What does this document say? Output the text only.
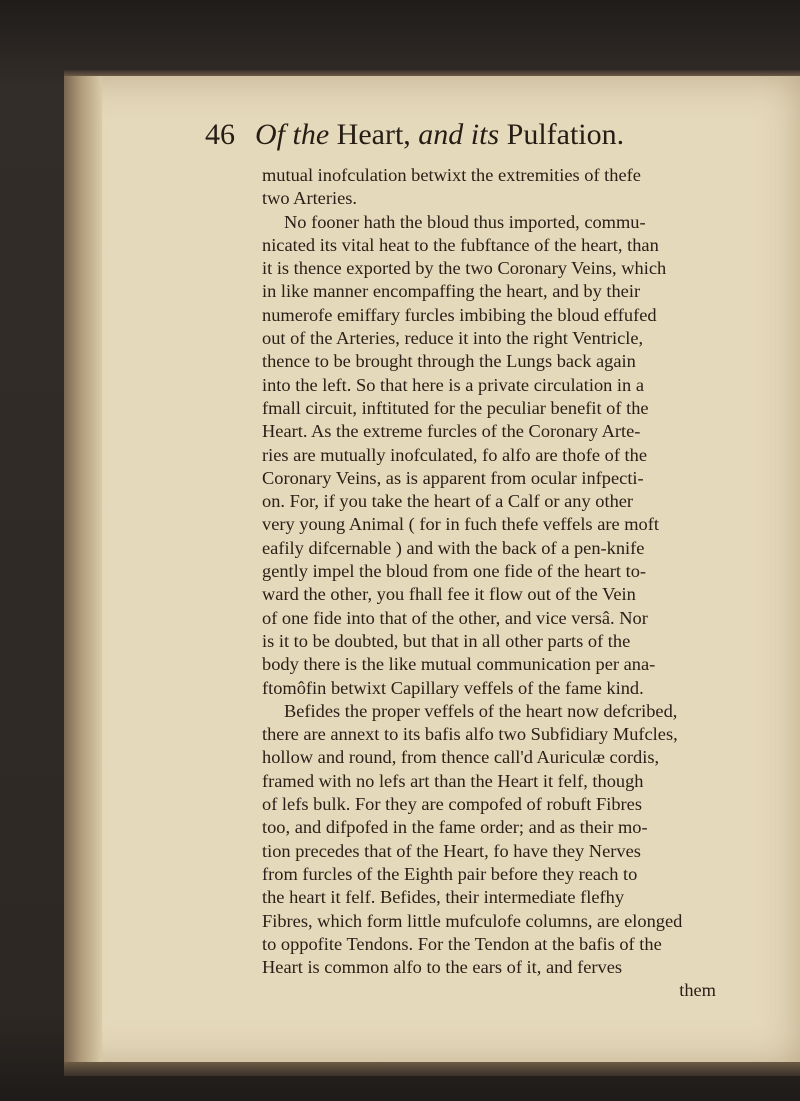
46 Of the Heart, and its Pulfation.
mutual inofculation betwixt the extremities of thefe
two Arteries.
No fooner hath the bloud thus imported, commu-
nicated its vital heat to the fubftance of the heart, than
it is thence exported by the two Coronary Veins, which
in like manner encompaffing the heart, and by their
numerofe emiffary furcles imbibing the bloud effufed
out of the Arteries, reduce it into the right Ventricle,
thence to be brought through the Lungs back again
into the left. So that here is a private circulation in a
fmall circuit, inftituted for the peculiar benefit of the
Heart. As the extreme furcles of the Coronary Arte-
ries are mutually inofculated, fo alfo are thofe of the
Coronary Veins, as is apparent from ocular infpecti-
on. For, if you take the heart of a Calf or any other
very young Animal ( for in fuch thefe veffels are moft
eafily difcernable ) and with the back of a pen-knife
gently impel the bloud from one fide of the heart to-
ward the other, you fhall fee it flow out of the Vein
of one fide into that of the other, and vice versâ. Nor
is it to be doubted, but that in all other parts of the
body there is the like mutual communication per ana-
ftomôfin betwixt Capillary veffels of the fame kind.
Befides the proper veffels of the heart now defcribed,
there are annext to its bafis alfo two Subfidiary Mufcles,
hollow and round, from thence call'd Auriculæ cordis,
framed with no lefs art than the Heart it felf, though
of lefs bulk. For they are compofed of robuft Fibres
too, and difpofed in the fame order; and as their mo-
tion precedes that of the Heart, fo have they Nerves
from furcles of the Eighth pair before they reach to
the heart it felf. Befides, their intermediate flefhy
Fibres, which form little mufculofe columns, are elonged
to oppofite Tendons. For the Tendon at the bafis of the
Heart is common alfo to the ears of it, and ferves
them
